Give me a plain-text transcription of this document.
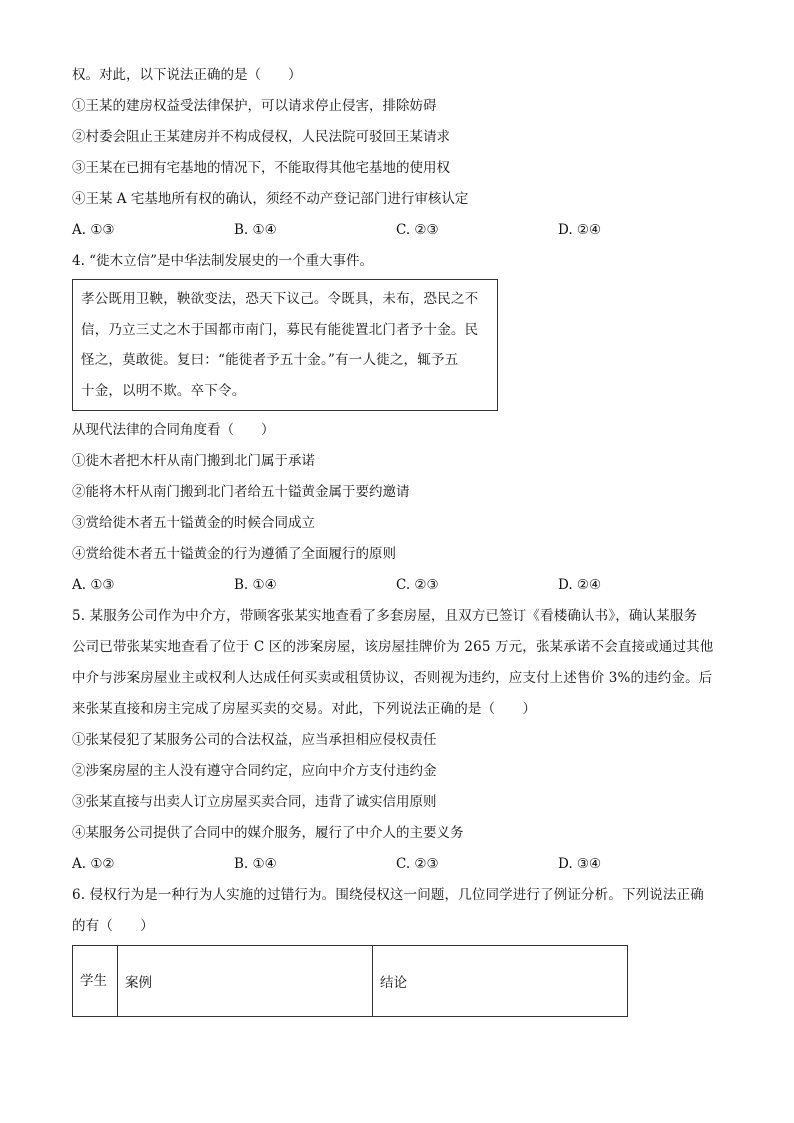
权。对此，以下说法正确的是（　　）
①王某的建房权益受法律保护，可以请求停止侵害，排除妨碍
②村委会阻止王某建房并不构成侵权，人民法院可驳回王某请求
③王某在已拥有宅基地的情况下，不能取得其他宅基地的使用权
④王某 A 宅基地所有权的确认，须经不动产登记部门进行审核认定
A. ①③	B. ①④	C. ②③	D. ②④
4. “徙木立信”是中华法制发展史的一个重大事件。
孝公既用卫鞅，鞅欲变法，恐天下议己。令既具，未布，恐民之不
信，乃立三丈之木于国都市南门，募民有能徙置北门者予十金。民
怪之，莫敢徙。复曰：“能徙者予五十金。”有一人徙之，辄予五
十金，以明不欺。卒下令。
从现代法律的合同角度看（　　）
①徙木者把木杆从南门搬到北门属于承诺
②能将木杆从南门搬到北门者给五十镒黄金属于要约邀请
③赏给徙木者五十镒黄金的时候合同成立
④赏给徙木者五十镒黄金的行为遵循了全面履行的原则
A. ①③	B. ①④	C. ②③	D. ②④
5. 某服务公司作为中介方，带顾客张某实地查看了多套房屋，且双方已签订《看楼确认书》，确认某服务
公司已带张某实地查看了位于 C 区的涉案房屋，该房屋挂牌价为 265 万元，张某承诺不会直接或通过其他
中介与涉案房屋业主或权利人达成任何买卖或租赁协议，否则视为违约，应支付上述售价 3%的违约金。后
来张某直接和房主完成了房屋买卖的交易。对此，下列说法正确的是（　　）
①张某侵犯了某服务公司的合法权益，应当承担相应侵权责任
②涉案房屋的主人没有遵守合同约定，应向中介方支付违约金
③张某直接与出卖人订立房屋买卖合同，违背了诚实信用原则
④某服务公司提供了合同中的媒介服务，履行了中介人的主要义务
A. ①②	B. ①④	C. ②③	D. ③④
6. 侵权行为是一种行为人实施的过错行为。围绕侵权这一问题，几位同学进行了例证分析。下列说法正确
的有（　　）
学生	案例	结论
